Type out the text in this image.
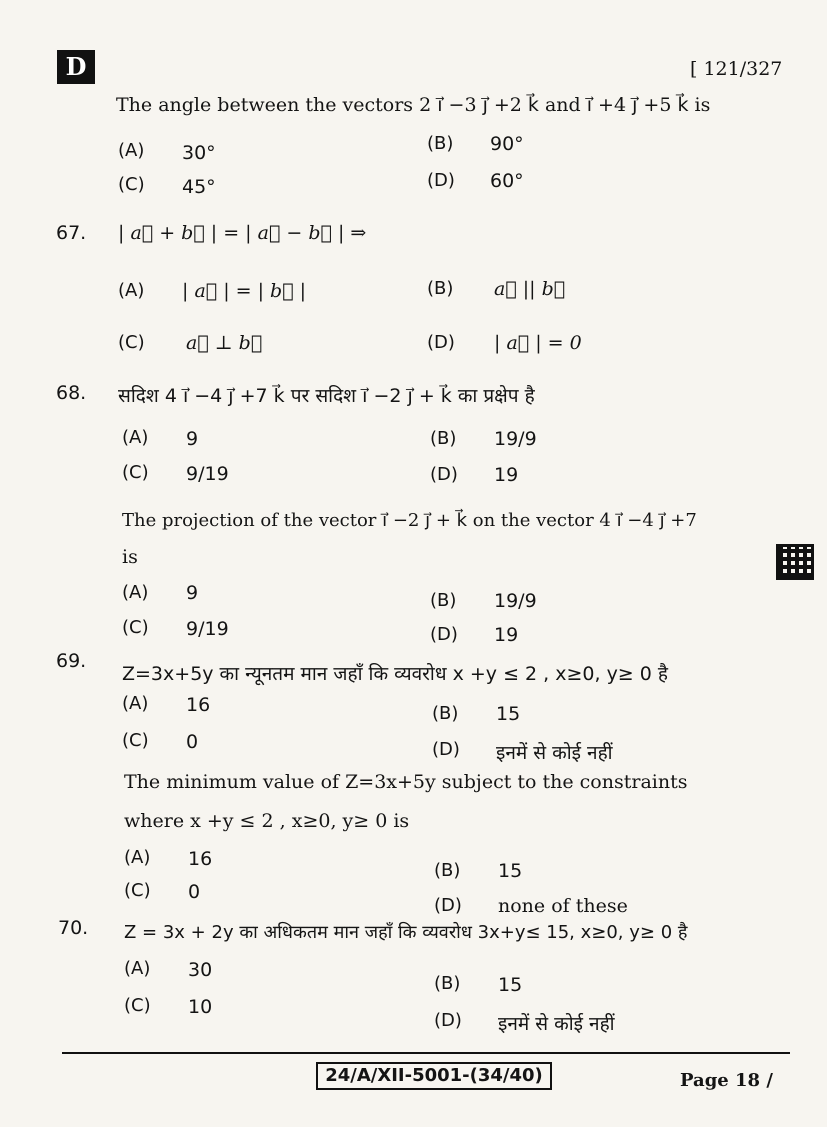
D	[ 121/327
The angle between the vectors 2 i⃗ −3 j⃗ +2 k⃗ and i⃗ +4 j⃗ +5 k⃗ is
(A) 30°	(B) 90°
(C) 45°	(D) 60°
67. | a⃗ + b⃗ | = | a⃗ − b⃗ | ⇒
(A) | a⃗ | = | b⃗ |	(B) a⃗ || b⃗
(C) a⃗ ⊥ b⃗	(D) | a⃗ | = 0
68. सदिश 4 i⃗ −4 j⃗ +7 k⃗ पर सदिश i⃗ −2 j⃗ + k⃗ का प्रक्षेप है
(A) 9	(B) 19/9
(C) 9/19	(D) 19
The projection of the vector i⃗ −2 j⃗ + k⃗ on the vector 4 i⃗ −4 j⃗ +7
is
(A) 9	(B) 19/9
(C) 9/19	(D) 19
69.
Z=3x+5y का न्यूनतम मान जहाँ कि व्यवरोध x +y ≤ 2 , x≥0, y≥ 0 है
(A) 16	(B) 15
(C) 0	(D) इनमें से कोई नहीं
The minimum value of Z=3x+5y subject to the constraints
where x +y ≤ 2 , x≥0, y≥ 0 is
(A) 16
(B) 15
(C) 0
(D) none of these
70. Z = 3x + 2y का अधिकतम मान जहाँ कि व्यवरोध 3x+y≤ 15, x≥0, y≥ 0 है
(A) 30
(B) 15
(C) 10
(D) इनमें से कोई नहीं
24/A/XII-5001-(34/40)	Page 18 /
